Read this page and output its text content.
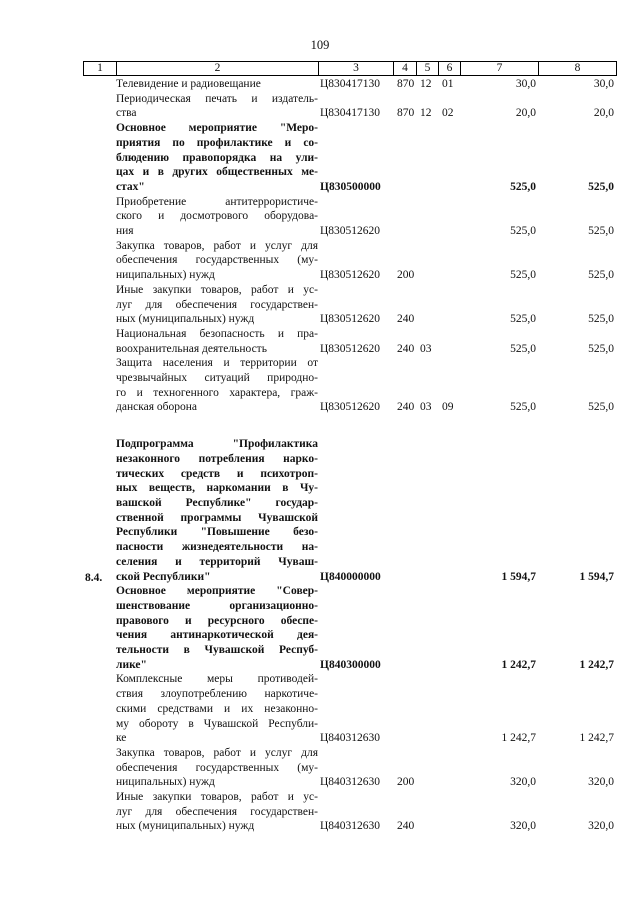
109
1	2	3	4	5	6	7	8
Телевидение и радиовещание	Ц830417130 870 12 01	30,0	30,0
Периодическая печать и издатель-
ства	Ц830417130 870 12 02	20,0	20,0
Основное мероприятие "Меро-
приятия по профилактике и со-
блюдению правопорядка на ули-
цах и в других общественных ме-
стах"	Ц830500000	525,0	525,0
Приобретение антитеррористиче-
ского и досмотрового оборудова-
ния	Ц830512620	525,0	525,0
Закупка товаров, работ и услуг для
обеспечения государственных (му-
ниципальных) нужд	Ц830512620 200	525,0	525,0
Иные закупки товаров, работ и ус-
луг для обеспечения государствен-
ных (муниципальных) нужд	Ц830512620 240	525,0	525,0
Национальная безопасность и пра-
воохранительная деятельность	Ц830512620 240 03	525,0	525,0
Защита населения и территории от
чрезвычайных ситуаций природно-
го и техногенного характера, граж-
данская оборона	Ц830512620 240 03 09	525,0	525,0
8.4.
Подпрограмма "Профилактика
незаконного потребления нарко-
тических средств и психотроп-
ных веществ, наркомании в Чу-
вашской Республике" государ-
ственной программы Чувашской
Республики "Повышение безо-
пасности жизнедеятельности на-
селения и территорий Чуваш-
ской Республики"	Ц840000000	1 594,7	1 594,7
Основное мероприятие "Совер-
шенствование организационно-
правового и ресурсного обеспе-
чения антинаркотической дея-
тельности в Чувашской Респуб-
лике"	Ц840300000	1 242,7	1 242,7
Комплексные меры противодей-
ствия злоупотреблению наркотиче-
скими средствами и их незаконно-
му обороту в Чувашской Республи-
ке	Ц840312630	1 242,7	1 242,7
Закупка товаров, работ и услуг для
обеспечения государственных (му-
ниципальных) нужд	Ц840312630 200	320,0	320,0
Иные закупки товаров, работ и ус-
луг для обеспечения государствен-
ных (муниципальных) нужд	Ц840312630 240	320,0	320,0
